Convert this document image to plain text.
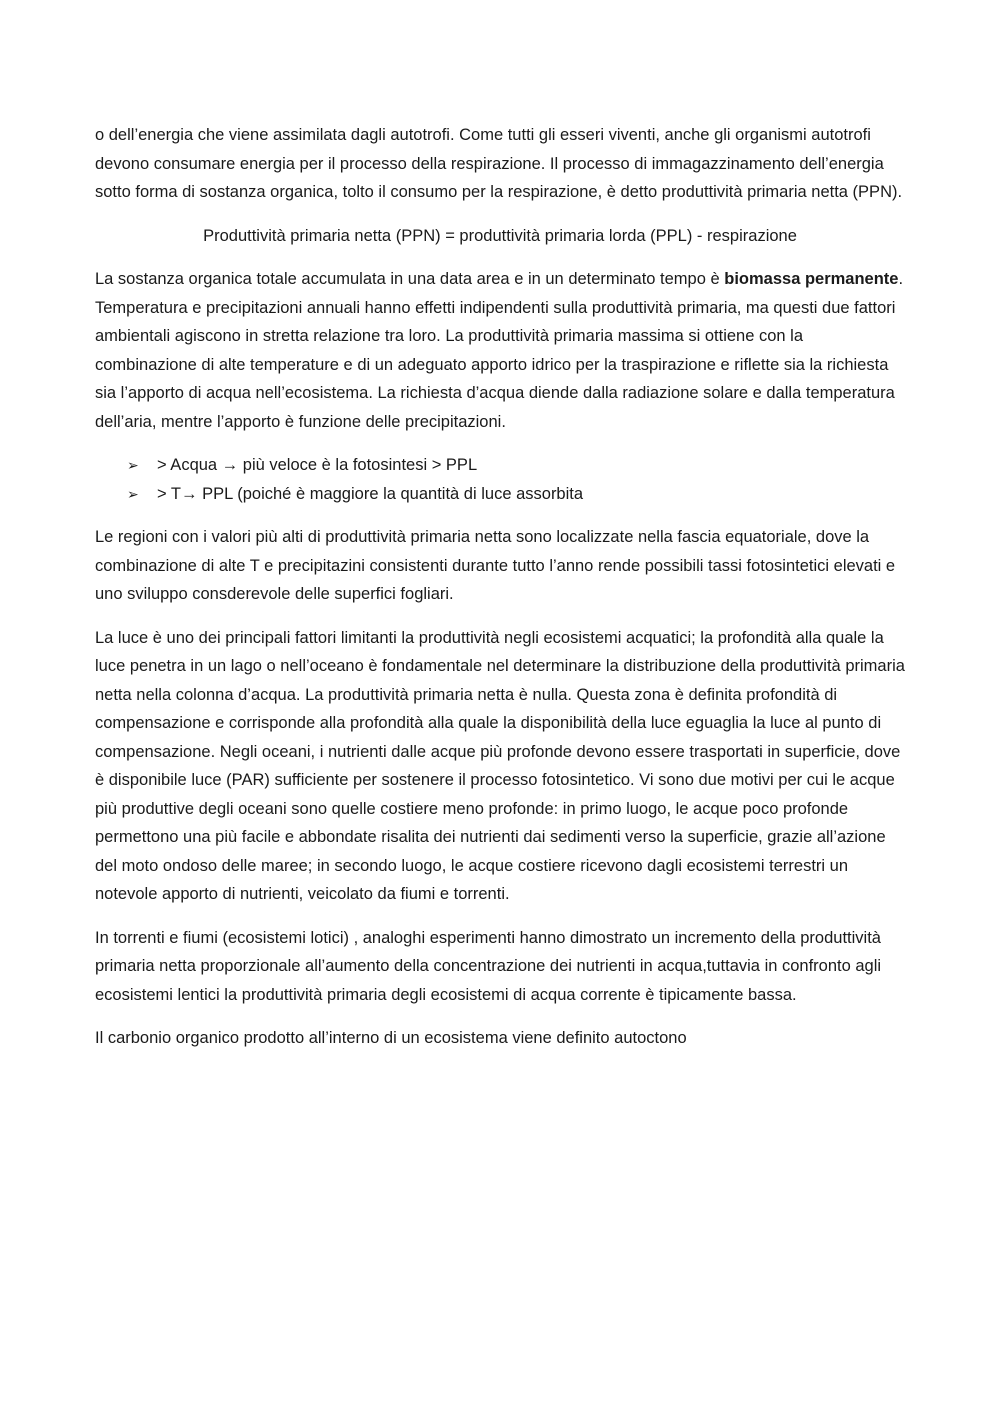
o dell’energia che viene assimilata dagli autotrofi. Come tutti gli esseri viventi, anche gli organismi autotrofi devono consumare energia per il processo della respirazione. Il processo di immagazzinamento dell’energia sotto forma di sostanza organica, tolto il consumo per la respirazione, è detto produttività primaria netta (PPN).

Produttività primaria netta (PPN) = produttività primaria lorda (PPL) - respirazione

La sostanza organica totale accumulata in una data area e in un determinato tempo è biomassa permanente. Temperatura e precipitazioni annuali hanno effetti indipendenti sulla produttività primaria, ma questi due fattori ambientali agiscono in stretta relazione tra loro. La produttività primaria massima si ottiene con la combinazione di alte temperature e di un adeguato apporto idrico per la traspirazione e riflette sia la richiesta sia l’apporto di acqua nell’ecosistema. La richiesta d’acqua diende dalla radiazione solare e dalla temperatura dell’aria, mentre l’apporto è funzione delle precipitazioni.

➢ > Acqua → più veloce è la fotosintesi > PPL
➢ > T→ PPL (poiché è maggiore la quantità di luce assorbita

Le regioni con i valori più alti di produttività primaria netta sono localizzate nella fascia equatoriale, dove la combinazione di alte T e precipitazini consistenti durante tutto l’anno rende possibili tassi fotosintetici elevati e uno sviluppo consderevole delle superfici fogliari.

La luce è uno dei principali fattori limitanti la produttività negli ecosistemi acquatici; la profondità alla quale la luce penetra in un lago o nell’oceano è fondamentale nel determinare la distribuzione della produttività primaria netta nella colonna d’acqua. La produttività primaria netta è nulla. Questa zona è definita profondità di compensazione e corrisponde alla profondità alla quale la disponibilità della luce eguaglia la luce al punto di compensazione. Negli oceani, i nutrienti dalle acque più profonde devono essere trasportati in superficie, dove è disponibile luce (PAR) sufficiente per sostenere il processo fotosintetico. Vi sono due motivi per cui le acque più produttive degli oceani sono quelle costiere meno profonde: in primo luogo, le acque poco profonde permettono una più facile e abbondate risalita dei nutrienti dai sedimenti verso la superficie, grazie all’azione del moto ondoso delle maree; in secondo luogo, le acque costiere ricevono dagli ecosistemi terrestri un notevole apporto di nutrienti, veicolato da fiumi e torrenti.

In torrenti e fiumi (ecosistemi lotici) , analoghi esperimenti hanno dimostrato un incremento della produttività primaria netta proporzionale all’aumento della concentrazione dei nutrienti in acqua,tuttavia in confronto agli ecosistemi lentici la produttività primaria degli ecosistemi di acqua corrente è tipicamente bassa.

Il carbonio organico prodotto all’interno di un ecosistema viene definito autoctono
